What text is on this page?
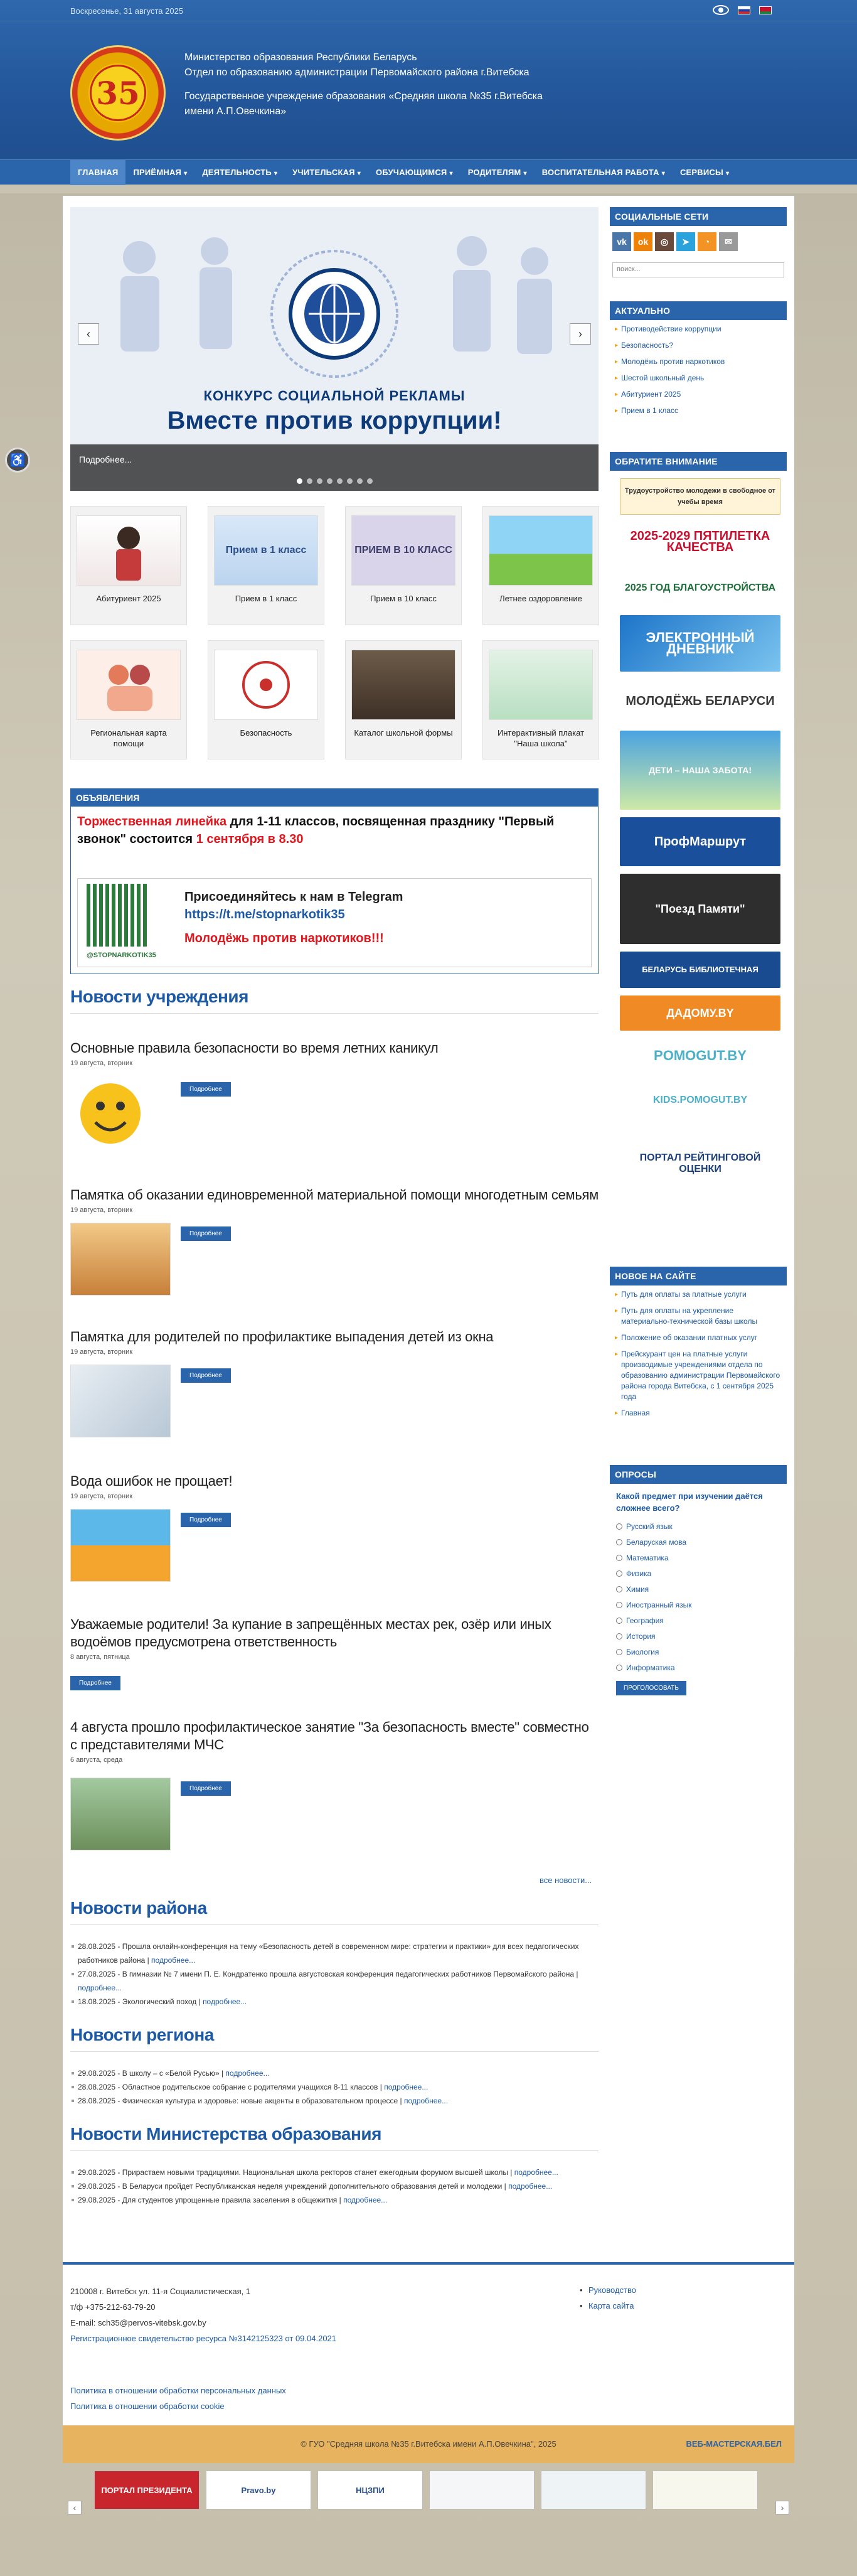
Воскресенье, 31 августа 2025
35
Министерство образования Республики Беларусь
Отдел по образованию администрации Первомайского района г.Витебска
Государственное учреждение образования «Средняя школа №35 г.Витебска
имени А.П.Овечкина»
ГЛАВНАЯ	ПРИЁМНАЯ ▾	ДЕЯТЕЛЬНОСТЬ ▾	УЧИТЕЛЬСКАЯ ▾	ОБУЧАЮЩИМСЯ ▾	РОДИТЕЛЯМ ▾	ВОСПИТАТЕЛЬНАЯ РАБОТА ▾	СЕРВИСЫ ▾
♿
КОНКУРС СОЦИАЛЬНОЙ РЕКЛАМЫ
Вместе против коррупции!
Подробнее...
‹	›
Абитуриент 2025
Прием в 1 класс
Прием в 1 класс
ПРИЕМ В 10 КЛАСС
Прием в 10 класс	Летнее оздоровление
Региональная карта помощи
Безопасность	Каталог школьной формы	Интерактивный плакат "Наша школа"
ОБЪЯВЛЕНИЯ
Торжественная линейка для 1-11 классов, посвященная празднику "Первый звонок" состоится 1 сентября в 8.30
@STOPNARKOTIK35
Присоединяйтесь к нам в Telegram
https://t.me/stopnarkotik35
Молодёжь против наркотиков!!!
Новости учреждения
Основные правила безопасности во время летних каникул
19 августа, вторник
Подробнее
Памятка об оказании единовременной материальной помощи многодетным семьям
19 августа, вторник
Подробнее
Памятка для родителей по профилактике выпадения детей из окна
19 августа, вторник
Подробнее
Вода ошибок не прощает!
19 августа, вторник
Подробнее
Уважаемые родители! За купание в запрещённых местах рек, озёр или иных водоёмов предусмотрена ответственность
8 августа, пятница
Подробнее
4 августа прошло профилактическое занятие "За безопасность вместе" совместно с представителями МЧС
6 августа, среда
Подробнее
все новости...
Новости района
28.08.2025 - Прошла онлайн-конференция на тему «Безопасность детей в современном мире: стратегии и практики» для всех педагогических работников района | подробнее...
27.08.2025 - В гимназии № 7 имени П. Е. Кондратенко прошла августовская конференция педагогических работников Первомайского района | подробнее...
18.08.2025 - Экологический поход | подробнее...
Новости региона
29.08.2025 - В школу – с «Белой Русью» | подробнее...
28.08.2025 - Областное родительское собрание с родителями учащихся 8-11 классов | подробнее...
28.08.2025 - Физическая культура и здоровье: новые акценты в образовательном процессе | подробнее...
Новости Министерства образования
29.08.2025 - Прирастаем новыми традициями. Национальная школа ректоров станет ежегодным форумом высшей школы | подробнее...
29.08.2025 - В Беларуси пройдет Республиканская неделя учреждений дополнительного образования детей и молодежи | подробнее...
29.08.2025 - Для студентов упрощенные правила заселения в общежития | подробнее...
СОЦИАЛЬНЫЕ СЕТИ
vk	ok	◎	➤	◔	✉
поиск...
АКТУАЛЬНО
▸ Противодействие коррупции
▸ Безопасность?
▸ Молодёжь против наркотиков
▸ Шестой школьный день
▸ Абитуриент 2025
▸ Прием в 1 класс
ОБРАТИТЕ ВНИМАНИЕ
Трудоустройство молодежи в свободное от учебы время
2025-2029 ПЯТИЛЕТКА КАЧЕСТВА
2025 ГОД БЛАГОУСТРОЙСТВА
ЭЛЕКТРОННЫЙ ДНЕВНИК
МОЛОДЁЖЬ БЕЛАРУСИ
ДЕТИ – НАША ЗАБОТА!
ПрофМаршрут
"Поезд Памяти"
БЕЛАРУСЬ БИБЛИОТЕЧНАЯ
ДАДОМУ.BY
POMOGUT.BY
KIDS.POMOGUT.BY
ПОРТАЛ РЕЙТИНГОВОЙ ОЦЕНКИ
НОВОЕ НА САЙТЕ
▸ Путь для оплаты за платные услуги
▸ Путь для оплаты на укрепление материально-технической базы школы
▸ Положение об оказании платных услуг
▸ Прейскурант цен на платные услуги производимые учреждениями отдела по образованию администрации Первомайского района города Витебска, с 1 сентября 2025 года
▸ Главная
ОПРОСЫ
Какой предмет при изучении даётся сложнее всего?
Русский язык
Беларуская мова
Математика
Физика
Химия
Иностранный язык
География
История
Биология
Информатика
ПРОГОЛОСОВАТЬ
210008 г. Витебск ул. 11-я Социалистическая, 1
т/ф +375-212-63-79-20
E-mail: sch35@pervos-vitebsk.gov.by
Регистрационное свидетельство ресурса №3142125323 от 09.04.2021
• Руководство
• Карта сайта
Политика в отношении обработки персональных данных
Политика в отношении обработки cookie
© ГУО "Средняя школа №35 г.Витебска имени А.П.Овечкина", 2025	ВЕБ-МАСТЕРСКАЯ.БЕЛ
ПОРТАЛ ПРЕЗИДЕНТА	Pravo.by	НЦЗПИ
‹	›
